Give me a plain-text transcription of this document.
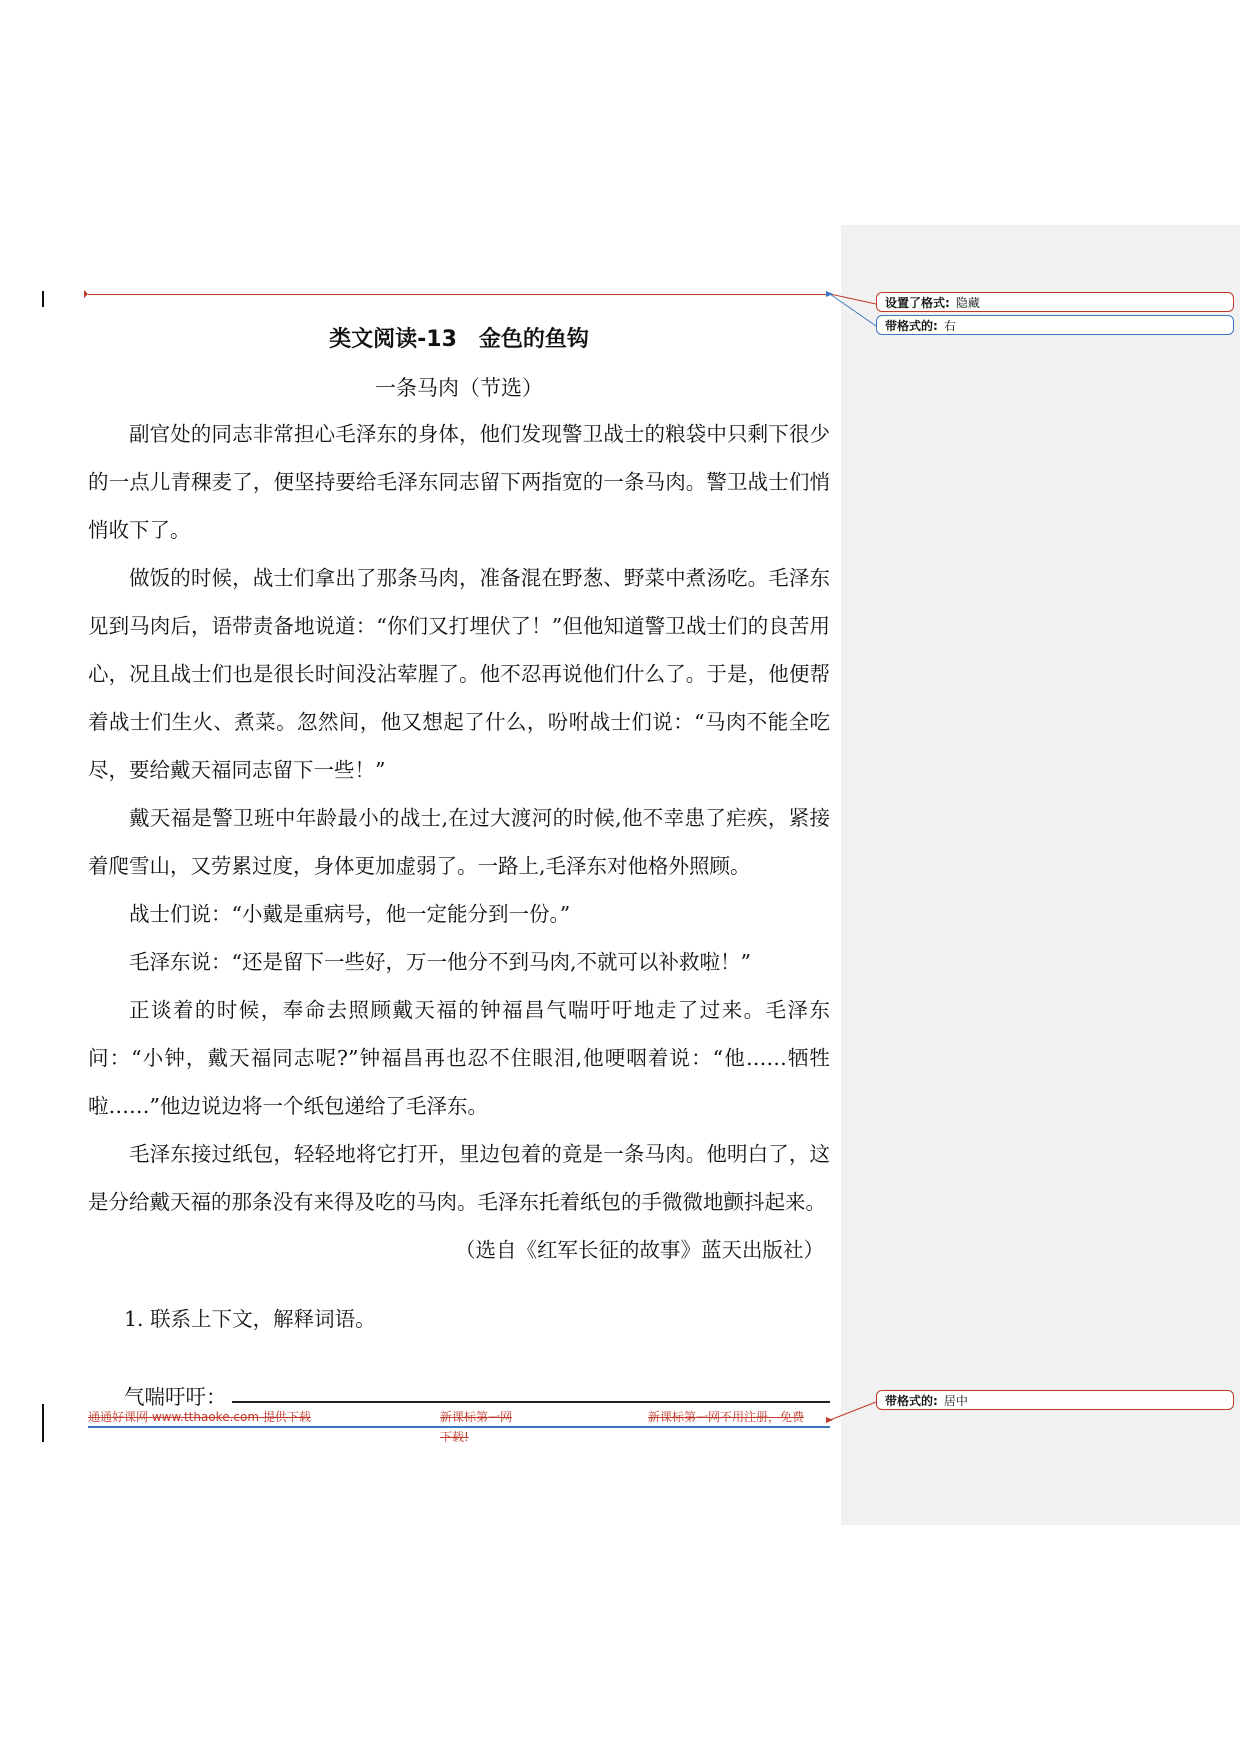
设置了格式: 隐藏
带格式的: 右
带格式的: 居中
类文阅读-13　金色的鱼钩
一条马肉（节选）

副官处的同志非常担心毛泽东的身体，他们发现警卫战士的粮袋中只剩下很少的一点儿青稞麦了，便坚持要给毛泽东同志留下两指宽的一条马肉。警卫战士们悄悄收下了。

做饭的时候，战士们拿出了那条马肉，准备混在野葱、野菜中煮汤吃。毛泽东见到马肉后，语带责备地说道：“你们又打埋伏了！”但他知道警卫战士们的良苦用心，况且战士们也是很长时间没沾荤腥了。他不忍再说他们什么了。于是，他便帮着战士们生火、煮菜。忽然间，他又想起了什么，吩咐战士们说：“马肉不能全吃尽，要给戴天福同志留下一些！”

戴天福是警卫班中年龄最小的战士,在过大渡河的时候,他不幸患了疟疾，紧接着爬雪山，又劳累过度，身体更加虚弱了。一路上,毛泽东对他格外照顾。

战士们说：“小戴是重病号，他一定能分到一份。”

毛泽东说：“还是留下一些好，万一他分不到马肉,不就可以补救啦！”

正谈着的时候，奉命去照顾戴天福的钟福昌气喘吁吁地走了过来。毛泽东问：“小钟，戴天福同志呢?”钟福昌再也忍不住眼泪,他哽咽着说：“他……牺牲啦……”他边说边将一个纸包递给了毛泽东。

毛泽东接过纸包，轻轻地将它打开，里边包着的竟是一条马肉。他明白了，这是分给戴天福的那条没有来得及吃的马肉。毛泽东托着纸包的手微微地颤抖起来。

（选自《红军长征的故事》蓝天出版社）

1. 联系上下文，解释词语。

气喘吁吁：
通通好课网 www.tthaoke.com 提供下载	新课标第一网
下载!
新课标第一网不用注册，免费
